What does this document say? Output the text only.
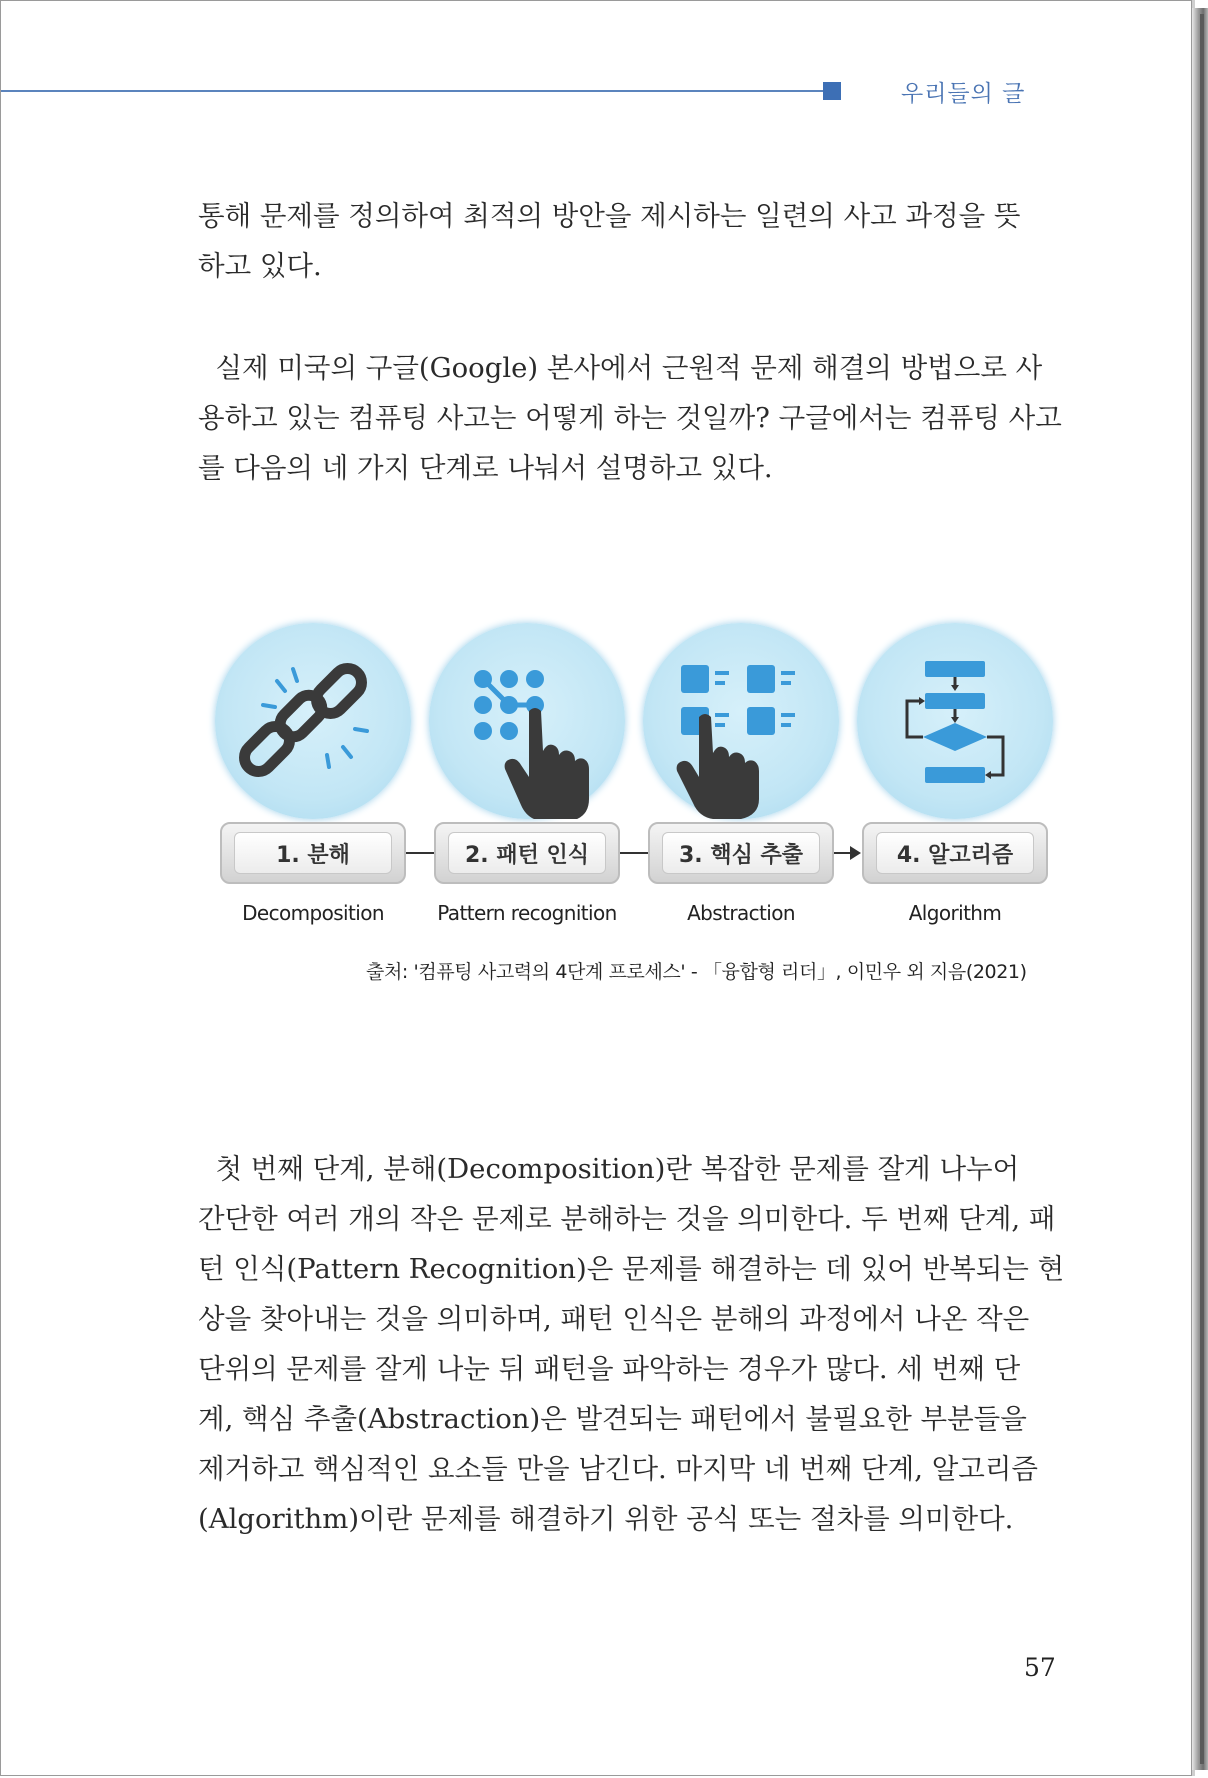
우리들의 글
통해 문제를 정의하여 최적의 방안을 제시하는 일련의 사고 과정을 뜻
하고 있다.
실제 미국의 구글(Google) 본사에서 근원적 문제 해결의 방법으로 사
용하고 있는 컴퓨팅 사고는 어떻게 하는 것일까? 구글에서는 컴퓨팅 사고
를 다음의 네 가지 단계로 나눠서 설명하고 있다.
1. 분해	2. 패턴 인식	3. 핵심 추출	4. 알고리즘
Decomposition	Pattern recognition	Abstraction	Algorithm
출처: '컴퓨팅 사고력의 4단계 프로세스' - 「융합형 리더」, 이민우 외 지음(2021)
첫 번째 단계, 분해(Decomposition)란 복잡한 문제를 잘게 나누어
간단한 여러 개의 작은 문제로 분해하는 것을 의미한다. 두 번째 단계, 패
턴 인식(Pattern Recognition)은 문제를 해결하는 데 있어 반복되는 현
상을 찾아내는 것을 의미하며, 패턴 인식은 분해의 과정에서 나온 작은
단위의 문제를 잘게 나눈 뒤 패턴을 파악하는 경우가 많다. 세 번째 단
계, 핵심 추출(Abstraction)은 발견되는 패턴에서 불필요한 부분들을
제거하고 핵심적인 요소들 만을 남긴다. 마지막 네 번째 단계, 알고리즘
(Algorithm)이란 문제를 해결하기 위한 공식 또는 절차를 의미한다.
57
